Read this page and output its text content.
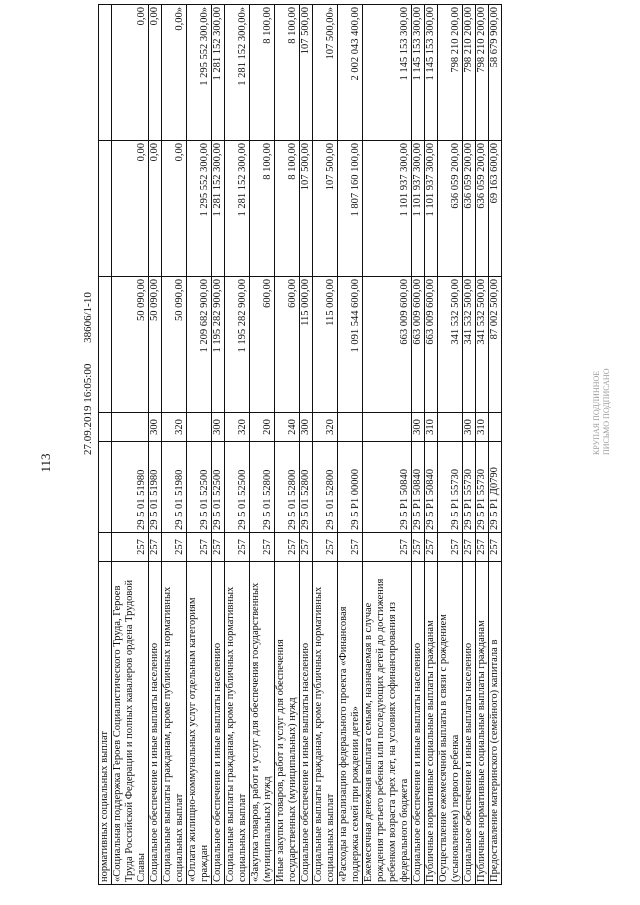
113
нормативных социальных выплат						
«Социальная поддержка Героев Социалистического Труда, Героев Труда Российской Федерации и полных кавалеров ордена Трудовой Славы	257	29 5 01 51980		50 090,00	0,00	0,00
Социальное обеспечение и иные выплаты населению	257	29 5 01 51980	300	50 090,00	0,00	0,00
Социальные выплаты гражданам, кроме публичных нормативных социальных выплат	257	29 5 01 51980	320	50 090,00	0,00	0,00»
«Оплата жилищно-коммунальных услуг отдельным категориям граждан	257	29 5 01 52500		1 209 682 900,00	1 295 552 300,00	1 295 552 300,00»
Социальное обеспечение и иные выплаты населению	257	29 5 01 52500	300	1 195 282 900,00	1 281 152 300,00	1 281 152 300,00
Социальные выплаты гражданам, кроме публичных нормативных социальных выплат	257	29 5 01 52500	320	1 195 282 900,00	1 281 152 300,00	1 281 152 300,00»
«Закупка товаров, работ и услуг для обеспечения государственных (муниципальных) нужд	257	29 5 01 52800	200	600,00	8 100,00	8 100,00
Иные закупки товаров, работ и услуг для обеспечения государственных (муниципальных) нужд	257	29 5 01 52800	240	600,00	8 100,00	8 100,00
Социальное обеспечение и иные выплаты населению	257	29 5 01 52800	300	115 000,00	107 500,00	107 500,00
Социальные выплаты гражданам, кроме публичных нормативных социальных выплат	257	29 5 01 52800	320	115 000,00	107 500,00	107 500,00»
«Расходы на реализацию федерального проекта «Финансовая поддержка семей при рождении детей»	257	29 5 P1 00000		1 091 544 600,00	1 807 160 100,00	2 002 043 400,00
Ежемесячная денежная выплата семьям, назначаемая в случае рождения третьего ребенка или последующих детей до достижения ребенком возраста трех лет, на условиях софинансирования из федерального бюджета	257	29 5 P1 50840		663 009 600,00	1 101 937 300,00	1 145 153 300,00
Социальное обеспечение и иные выплаты населению	257	29 5 P1 50840	300	663 009 600,00	1 101 937 300,00	1 145 153 300,00
Публичные нормативные социальные выплаты гражданам	257	29 5 P1 50840	310	663 009 600,00	1 101 937 300,00	1 145 153 300,00
Осуществление ежемесячной выплаты в связи с рождением (усыновлением) первого ребенка	257	29 5 P1 55730		341 532 500,00	636 059 200,00	798 210 200,00
Социальное обеспечение и иные выплаты населению	257	29 5 P1 55730	300	341 532 500,00	636 059 200,00	798 210 200,00
Публичные нормативные социальные выплаты гражданам	257	29 5 P1 55730	310	341 532 500,00	636 059 200,00	798 210 200,00
Предоставление материнского (семейного) капитала в	257	29 5 P1 Д0790		87 002 500,00	69 163 600,00	58 679 900,00
27.09.2019 16:05:00 38606/1-10
КРУПАЯ ПОДЛИННОЕ ПИСЬМО ПОДПИСАНО
